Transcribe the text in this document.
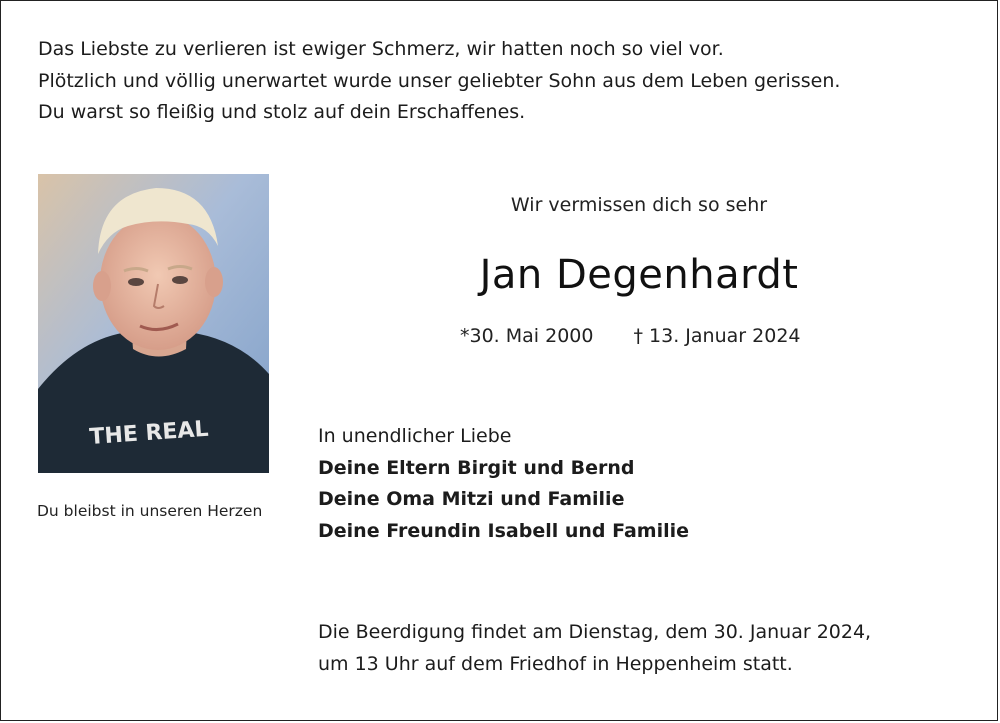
Das Liebste zu verlieren ist ewiger Schmerz, wir hatten noch so viel vor.
Plötzlich und völlig unerwartet wurde unser geliebter Sohn aus dem Leben gerissen.
Du warst so fleißig und stolz auf dein Erschaffenes.
THE REAL
Du bleibst in unseren Herzen
Wir vermissen dich so sehr
Jan Degenhardt
*30. Mai 2000 † 13. Januar 2024
In unendlicher Liebe
Deine Eltern Birgit und Bernd
Deine Oma Mitzi und Familie
Deine Freundin Isabell und Familie
Die Beerdigung findet am Dienstag, dem 30. Januar 2024,
um 13 Uhr auf dem Friedhof in Heppenheim statt.
